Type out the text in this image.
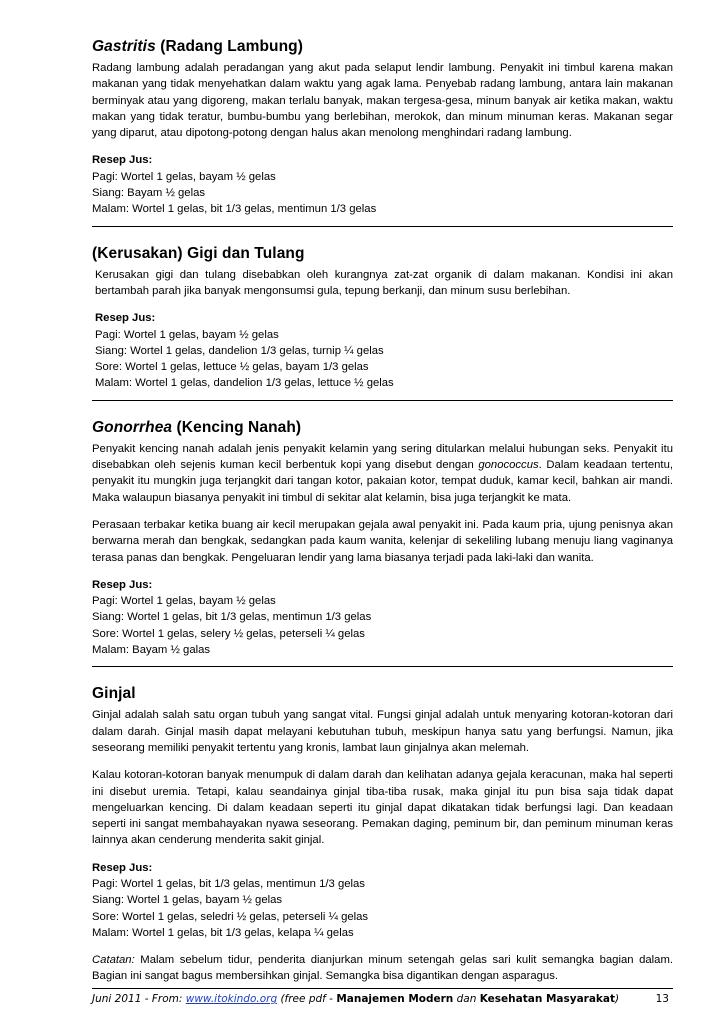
Gastritis (Radang Lambung)

Radang lambung adalah peradangan yang akut pada selaput lendir lambung. Penyakit ini timbul karena makan makanan yang tidak menyehatkan dalam waktu yang agak lama. Penyebab radang lambung, antara lain makanan berminyak atau yang digoreng, makan terlalu banyak, makan tergesa-gesa, minum banyak air ketika makan, waktu makan yang tidak teratur, bumbu-bumbu yang berlebihan, merokok, dan minum minuman keras. Makanan segar yang diparut, atau dipotong-potong dengan halus akan menolong menghindari radang lambung.

Resep Jus:

Pagi: Wortel 1 gelas, bayam ½ gelas

Siang: Bayam ½ gelas

Malam: Wortel 1 gelas, bit 1/3 gelas, mentimun 1/3 gelas

(Kerusakan) Gigi dan Tulang

Kerusakan gigi dan tulang disebabkan oleh kurangnya zat-zat organik di dalam makanan. Kondisi ini akan bertambah parah jika banyak mengonsumsi gula, tepung berkanji, dan minum susu berlebihan.

Resep Jus:

Pagi: Wortel 1 gelas, bayam ½ gelas

Siang: Wortel 1 gelas, dandelion 1/3 gelas, turnip ¼ gelas

Sore: Wortel 1 gelas, lettuce ½ gelas, bayam 1/3 gelas

Malam: Wortel 1 gelas, dandelion 1/3 gelas, lettuce ½ gelas

Gonorrhea (Kencing Nanah)

Penyakit kencing nanah adalah jenis penyakit kelamin yang sering ditularkan melalui hubungan seks. Penyakit itu disebabkan oleh sejenis kuman kecil berbentuk kopi yang disebut dengan gonococcus. Dalam keadaan tertentu, penyakit itu mungkin juga terjangkit dari tangan kotor, pakaian kotor, tempat duduk, kamar kecil, bahkan air mandi. Maka walaupun biasanya penyakit ini timbul di sekitar alat kelamin, bisa juga terjangkit ke mata.

Perasaan terbakar ketika buang air kecil merupakan gejala awal penyakit ini. Pada kaum pria, ujung penisnya akan berwarna merah dan bengkak, sedangkan pada kaum wanita, kelenjar di sekeliling lubang menuju liang vaginanya terasa panas dan bengkak. Pengeluaran lendir yang lama biasanya terjadi pada laki-laki dan wanita.

Resep Jus:

Pagi: Wortel 1 gelas, bayam ½ gelas

Siang: Wortel 1 gelas, bit 1/3 gelas, mentimun 1/3 gelas

Sore: Wortel 1 gelas, selery ½ gelas, peterseli ¼ gelas

Malam: Bayam ½ galas

Ginjal

Ginjal adalah salah satu organ tubuh yang sangat vital. Fungsi ginjal adalah untuk menyaring kotoran-kotoran dari dalam darah. Ginjal masih dapat melayani kebutuhan tubuh, meskipun hanya satu yang berfungsi. Namun, jika seseorang memiliki penyakit tertentu yang kronis, lambat laun ginjalnya akan melemah.

Kalau kotoran-kotoran banyak menumpuk di dalam darah dan kelihatan adanya gejala keracunan, maka hal seperti ini disebut uremia. Tetapi, kalau seandainya ginjal tiba-tiba rusak, maka ginjal itu pun bisa saja tidak dapat mengeluarkan kencing. Di dalam keadaan seperti itu ginjal dapat dikatakan tidak berfungsi lagi. Dan keadaan seperti ini sangat membahayakan nyawa seseorang. Pemakan daging, peminum bir, dan peminum minuman keras lainnya akan cenderung menderita sakit ginjal.

Resep Jus:

Pagi: Wortel 1 gelas, bit 1/3 gelas, mentimun 1/3 gelas

Siang: Wortel 1 gelas, bayam ½ gelas

Sore: Wortel 1 gelas, seledri ½ gelas, peterseli ¼ gelas

Malam: Wortel 1 gelas, bit 1/3 gelas, kelapa ¼ gelas

Catatan: Malam sebelum tidur, penderita dianjurkan minum setengah gelas sari kulit semangka bagian dalam. Bagian ini sangat bagus membersihkan ginjal. Semangka bisa digantikan dengan asparagus.

Juni 2011 - From: www.itokindo.org (free pdf - Manajemen Modern dan Kesehatan Masyarakat)	13
